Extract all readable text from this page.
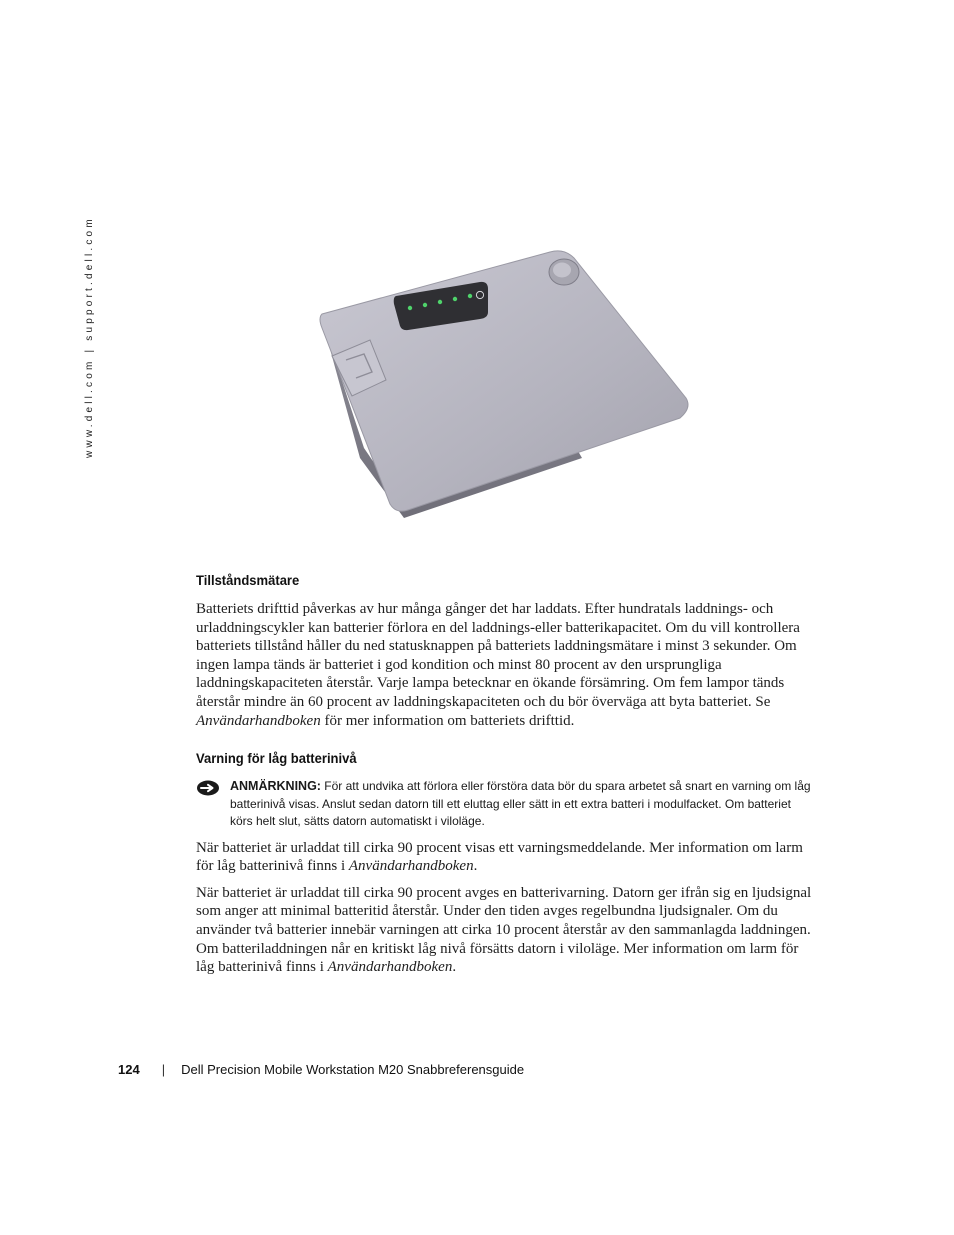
www.dell.com | support.dell.com
Tillståndsmätare

Batteriets drifttid påverkas av hur många gånger det har laddats. Efter hundratals laddnings- och urladdningscykler kan batterier förlora en del laddnings-eller batterikapacitet. Om du vill kontrollera batteriets tillstånd håller du ned statusknappen på batteriets laddningsmätare i minst 3 sekunder. Om ingen lampa tänds är batteriet i god kondition och minst 80 procent av den ursprungliga laddningskapaciteten återstår. Varje lampa betecknar en ökande försämring. Om fem lampor tänds återstår mindre än 60 procent av laddningskapaciteten och du bör överväga att byta batteriet. Se Användarhandboken för mer information om batteriets drifttid.

Varning för låg batterinivå
ANMÄRKNING: För att undvika att förlora eller förstöra data bör du spara arbetet så snart en varning om låg batterinivå visas. Anslut sedan datorn till ett eluttag eller sätt in ett extra batteri i modulfacket. Om batteriet körs helt slut, sätts datorn automatiskt i viloläge.

När batteriet är urladdat till cirka 90 procent visas ett varningsmeddelande. Mer information om larm för låg batterinivå finns i Användarhandboken.

När batteriet är urladdat till cirka 90 procent avges en batterivarning. Datorn ger ifrån sig en ljudsignal som anger att minimal batteritid återstår. Under den tiden avges regelbundna ljudsignaler. Om du använder två batterier innebär varningen att cirka 10 procent återstår av den sammanlagda laddningen. Om batteriladdningen når en kritiskt låg nivå försätts datorn i viloläge. Mer information om larm för låg batterinivå finns i Användarhandboken.

124 | Dell Precision Mobile Workstation M20 Snabbreferensguide
